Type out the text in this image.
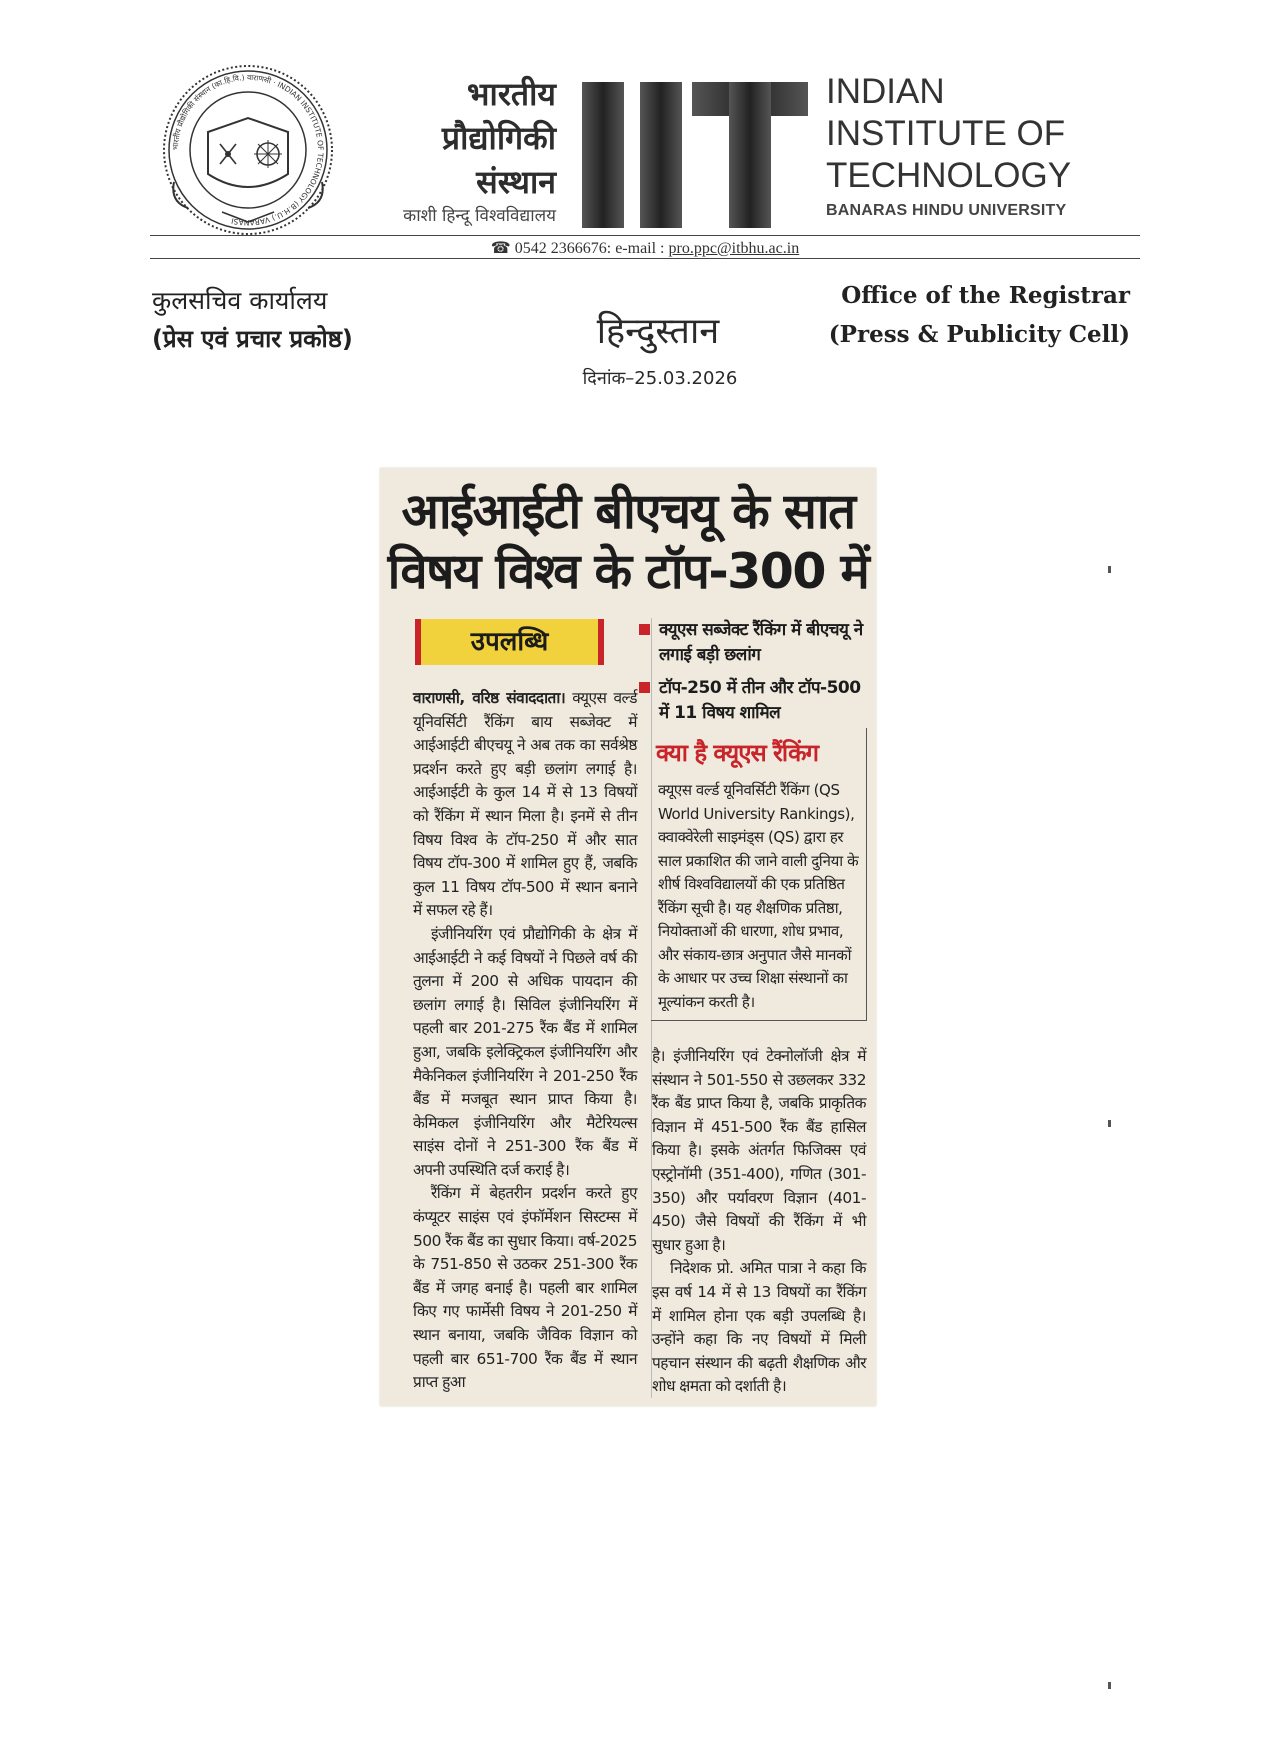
भारतीय प्रौद्योगिकी संस्थान (का.हि.वि.) वाराणसी · INDIAN INSTITUTE OF TECHNOLOGY (B.H.U.) VARANASI
भारतीय
प्रौद्योगिकी
संस्थान
काशी हिन्दू विश्वविद्यालय
INDIAN
INSTITUTE OF
TECHNOLOGY
BANARAS HINDU UNIVERSITY
☎ 0542 2366676: e-mail : pro.ppc@itbhu.ac.in
कुलसचिव कार्यालय
(प्रेस एवं प्रचार प्रकोष्ठ)
Office of the Registrar
(Press & Publicity Cell)
हिन्दुस्तान
दिनांक–25.03.2026
आईआईटी बीएचयू के सात
विषय विश्व के टॉप-300 में
उपलब्धि	क्यूएस सब्जेक्ट रैंकिंग में बीएचयू ने लगाई बड़ी छलांग
टॉप-250 में तीन और टॉप-500 में 11 विषय शामिल
क्या है क्यूएस रैंकिंग
क्यूएस वर्ल्ड यूनिवर्सिटी रैंकिंग (QS World University Rankings), क्वाक्वेरेली साइमंड्स (QS) द्वारा हर साल प्रकाशित की जाने वाली दुनिया के शीर्ष विश्वविद्यालयों की एक प्रतिष्ठित रैंकिंग सूची है। यह शैक्षणिक प्रतिष्ठा, नियोक्ताओं की धारणा, शोध प्रभाव, और संकाय-छात्र अनुपात जैसे मानकों के आधार पर उच्च शिक्षा संस्थानों का मूल्यांकन करती है।

वाराणसी, वरिष्ठ संवाददाता। क्यूएस वर्ल्ड यूनिवर्सिटी रैंकिंग बाय सब्जेक्ट में आईआईटी बीएचयू ने अब तक का सर्वश्रेष्ठ प्रदर्शन करते हुए बड़ी छलांग लगाई है। आईआईटी के कुल 14 में से 13 विषयों को रैंकिंग में स्थान मिला है। इनमें से तीन विषय विश्व के टॉप-250 में और सात विषय टॉप-300 में शामिल हुए हैं, जबकि कुल 11 विषय टॉप-500 में स्थान बनाने में सफल रहे हैं।

इंजीनियरिंग एवं प्रौद्योगिकी के क्षेत्र में आईआईटी ने कई विषयों ने पिछले वर्ष की तुलना में 200 से अधिक पायदान की छलांग लगाई है। सिविल इंजीनियरिंग में पहली बार 201-275 रैंक बैंड में शामिल हुआ, जबकि इलेक्ट्रिकल इंजीनियरिंग और मैकेनिकल इंजीनियरिंग ने 201-250 रैंक बैंड में मजबूत स्थान प्राप्त किया है। केमिकल इंजीनियरिंग और मैटेरियल्स साइंस दोनों ने 251-300 रैंक बैंड में अपनी उपस्थिति दर्ज कराई है।

रैंकिंग में बेहतरीन प्रदर्शन करते हुए कंप्यूटर साइंस एवं इंफॉर्मेशन सिस्टम्स में 500 रैंक बैंड का सुधार किया। वर्ष-2025 के 751-850 से उठकर 251-300 रैंक बैंड में जगह बनाई है। पहली बार शामिल किए गए फार्मेसी विषय ने 201-250 में स्थान बनाया, जबकि जैविक विज्ञान को पहली बार 651-700 रैंक बैंड में स्थान प्राप्त हुआ

है। इंजीनियरिंग एवं टेक्नोलॉजी क्षेत्र में संस्थान ने 501-550 से उछलकर 332 रैंक बैंड प्राप्त किया है, जबकि प्राकृतिक विज्ञान में 451-500 रैंक बैंड हासिल किया है। इसके अंतर्गत फिजिक्स एवं एस्ट्रोनॉमी (351-400), गणित (301-350) और पर्यावरण विज्ञान (401-450) जैसे विषयों की रैंकिंग में भी सुधार हुआ है।

निदेशक प्रो. अमित पात्रा ने कहा कि इस वर्ष 14 में से 13 विषयों का रैंकिंग में शामिल होना एक बड़ी उपलब्धि है। उन्होंने कहा कि नए विषयों में मिली पहचान संस्थान की बढ़ती शैक्षणिक और शोध क्षमता को दर्शाती है।
